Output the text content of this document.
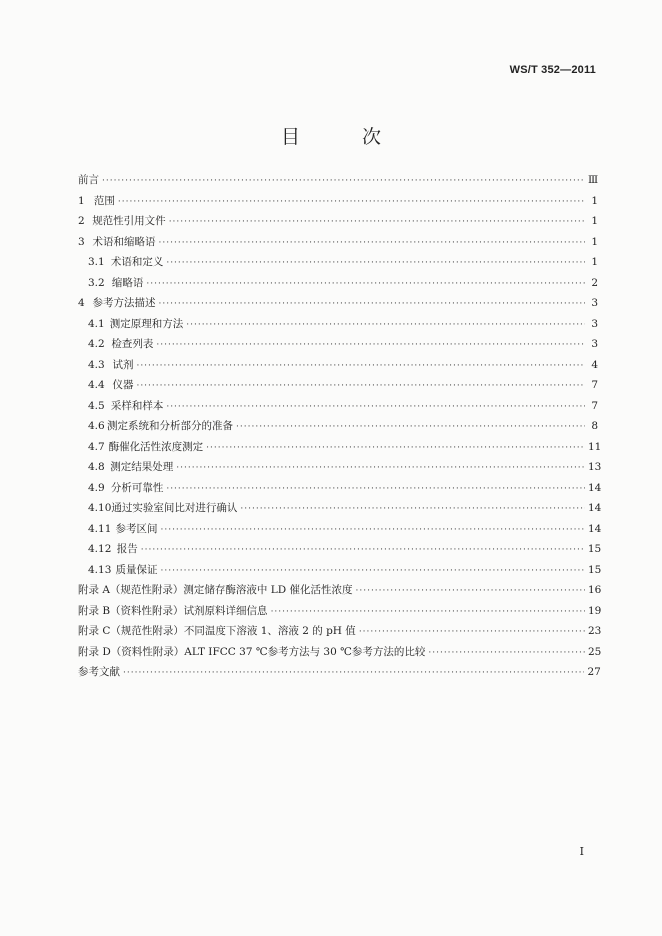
WS/T 352—2011
目 次
前言 ·····	Ⅲ
1 范围 ·····	1
2 规范性引用文件 ·····	1
3 术语和缩略语 ·····	1
3.1 术语和定义 ·····	1
3.2 缩略语 ·····	2
4 参考方法描述 ·····	3
4.1 测定原理和方法 ·····	3
4.2 检查列表 ·····	3
4.3 试剂 ·····	4
4.4 仪器 ·····	7
4.5 采样和样本 ·····	7
4.6 测定系统和分析部分的准备 ·····	8
4.7 酶催化活性浓度测定 ·····	11
4.8 测定结果处理 ·····	13
4.9 分析可靠性 ·····	14
4.10 通过实验室间比对进行确认 ·····	14
4.11 参考区间 ·····	14
4.12 报告 ·····	15
4.13 质量保证 ·····	15
附录 A（规范性附录） 测定储存酶溶液中 LD 催化活性浓度 ·····	16
附录 B（资料性附录） 试剂原料详细信息 ·····	19
附录 C（规范性附录） 不同温度下溶液 1、溶液 2 的 pH 值 ·····	23
附录 D（资料性附录） ALT IFCC 37 ℃参考方法与 30 ℃参考方法的比较 ·····	25
参考文献 ·····	27
I
